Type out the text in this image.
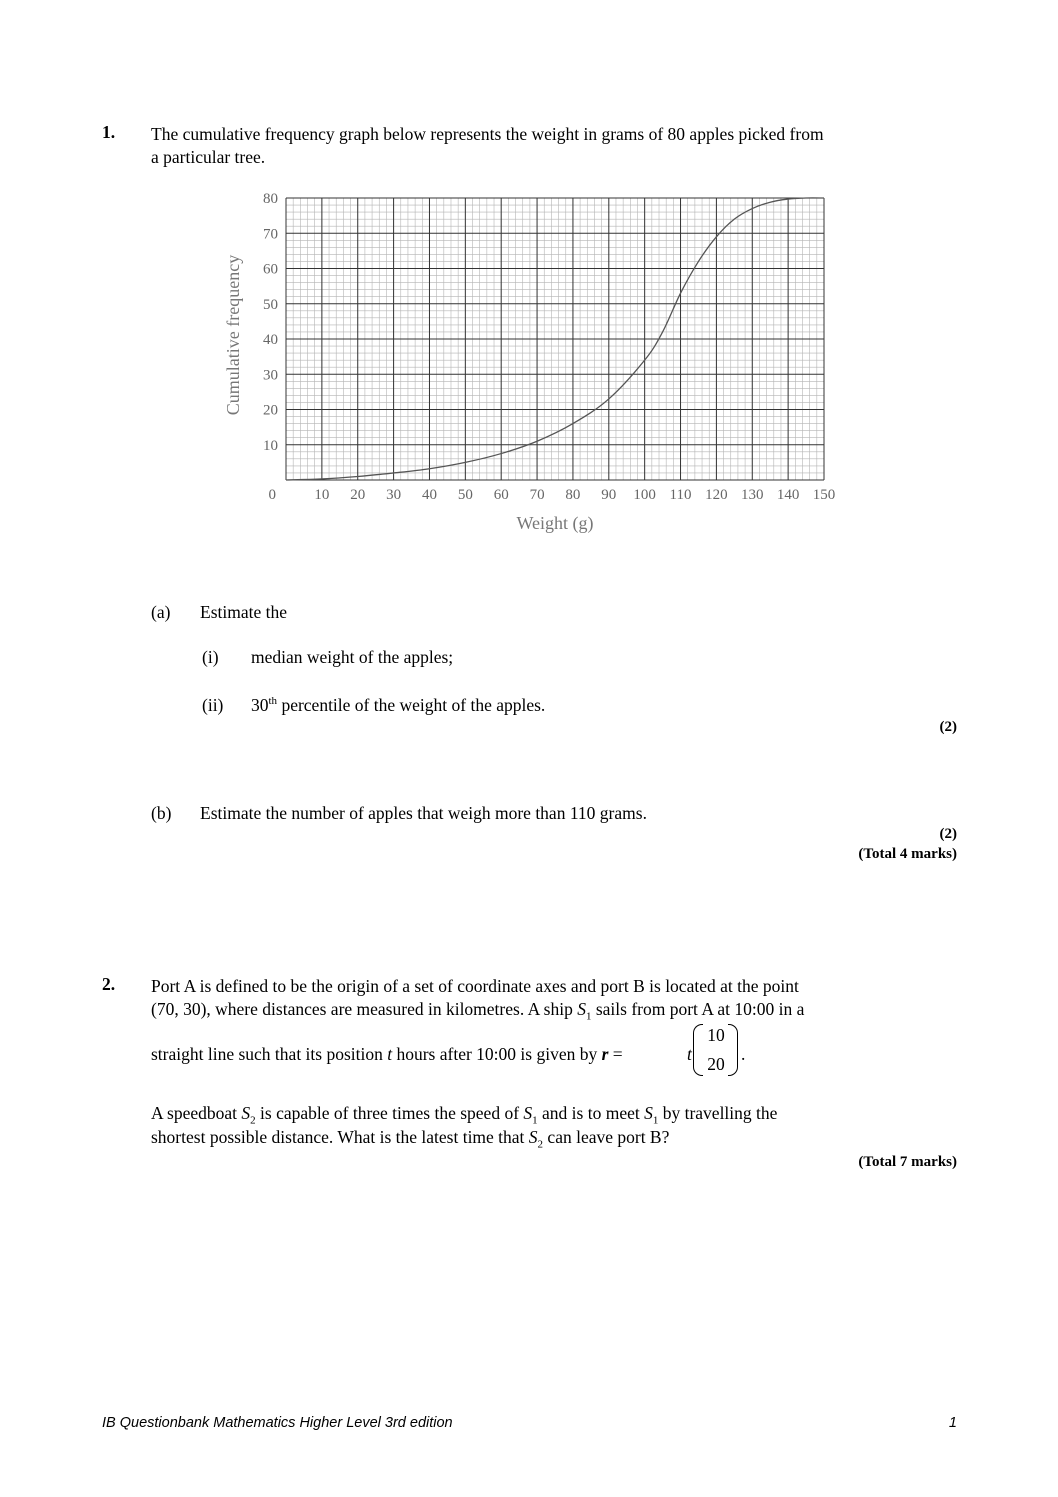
1. The cumulative frequency graph below represents the weight in grams of 80 apples picked from
a particular tree.
10 20 30 40 50 60 70 80 90 100 110 120 130 140 150
0
10
20
30
40
50
60
70
80
Cumulative frequency
Weight (g)
(a) Estimate the
(i) median weight of the apples;
(ii) 30th percentile of the weight of the apples.
(2)
(b) Estimate the number of apples that weigh more than 110 grams.
(2)
(Total 4 marks)
2. Port A is defined to be the origin of a set of coordinate axes and port B is located at the point
(70, 30), where distances are measured in kilometres. A ship $S_1$ sails from port A at 10:00 in a
straight line such that its position t hours after 10:00 is given by r =	t
10
20 .
A speedboat $S_2$ is capable of three times the speed of $S_1$ and is to meet $S_1$ by travelling the
shortest possible distance. What is the latest time that $S_2$ can leave port B?
(Total 7 marks)
IB Questionbank Mathematics Higher Level 3rd edition	1
